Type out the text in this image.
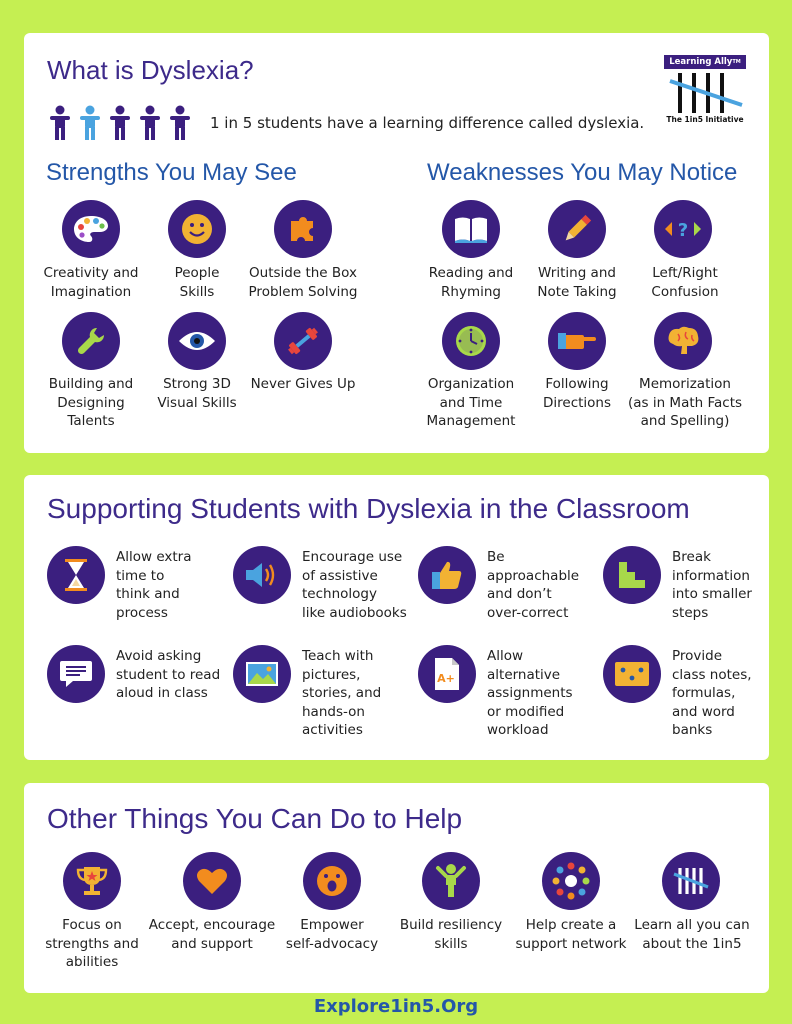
What is Dyslexia?	Learning Ally™
The 1in5 Initiative
1 in 5 students have a learning difference called dyslexia.
Strengths You May See	Weaknesses You May Notice
Creativity and
Imagination
People
Skills
Outside the Box
Problem Solving
Building and
Designing
Talents
Strong 3D
Visual Skills
Never Gives Up
?
Reading and
Rhyming
Writing and
Note Taking
Left/Right
Confusion
Organization
and Time
Management
Following
Directions
Memorization
(as in Math Facts
and Spelling)
Supporting Students with Dyslexia in the Classroom
Allow extra
time to
think and
process
Encourage use
of assistive
technology
like audiobooks
Be
approachable
and don’t
over-correct
Break
information
into smaller
steps
A+
Avoid asking
student to read
aloud in class
Teach with
pictures,
stories, and
hands-on
activities
Allow
alternative
assignments
or modified
workload
Provide
class notes,
formulas,
and word
banks
Other Things You Can Do to Help
Focus on
strengths and
abilities
Accept, encourage
and support
Empower
self-advocacy
Build resiliency
skills
Help create a
support network
Learn all you can
about the 1in5
Explore1in5.Org
